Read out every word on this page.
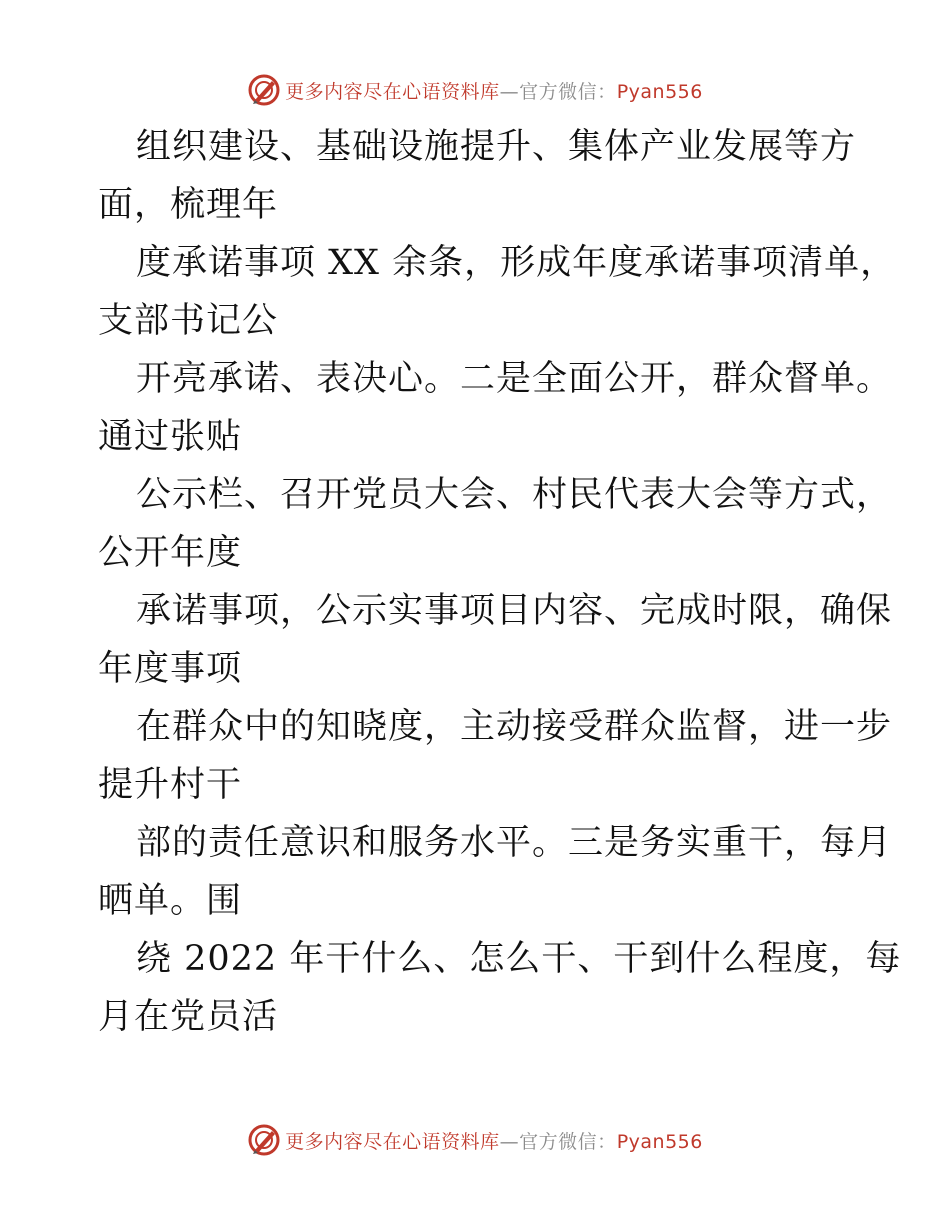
更多内容尽在心语资料库—官方微信：Pyan556
组织建设、基础设施提升、集体产业发展等方
面，梳理年
度承诺事项 XX 余条，形成年度承诺事项清单，
支部书记公
开亮承诺、表决心。二是全面公开，群众督单。
通过张贴
公示栏、召开党员大会、村民代表大会等方式，
公开年度
承诺事项，公示实事项目内容、完成时限，确保
年度事项
在群众中的知晓度，主动接受群众监督，进一步
提升村干
部的责任意识和服务水平。三是务实重干，每月
晒单。围
绕 2022 年干什么、怎么干、干到什么程度，每
月在党员活
更多内容尽在心语资料库—官方微信：Pyan556
